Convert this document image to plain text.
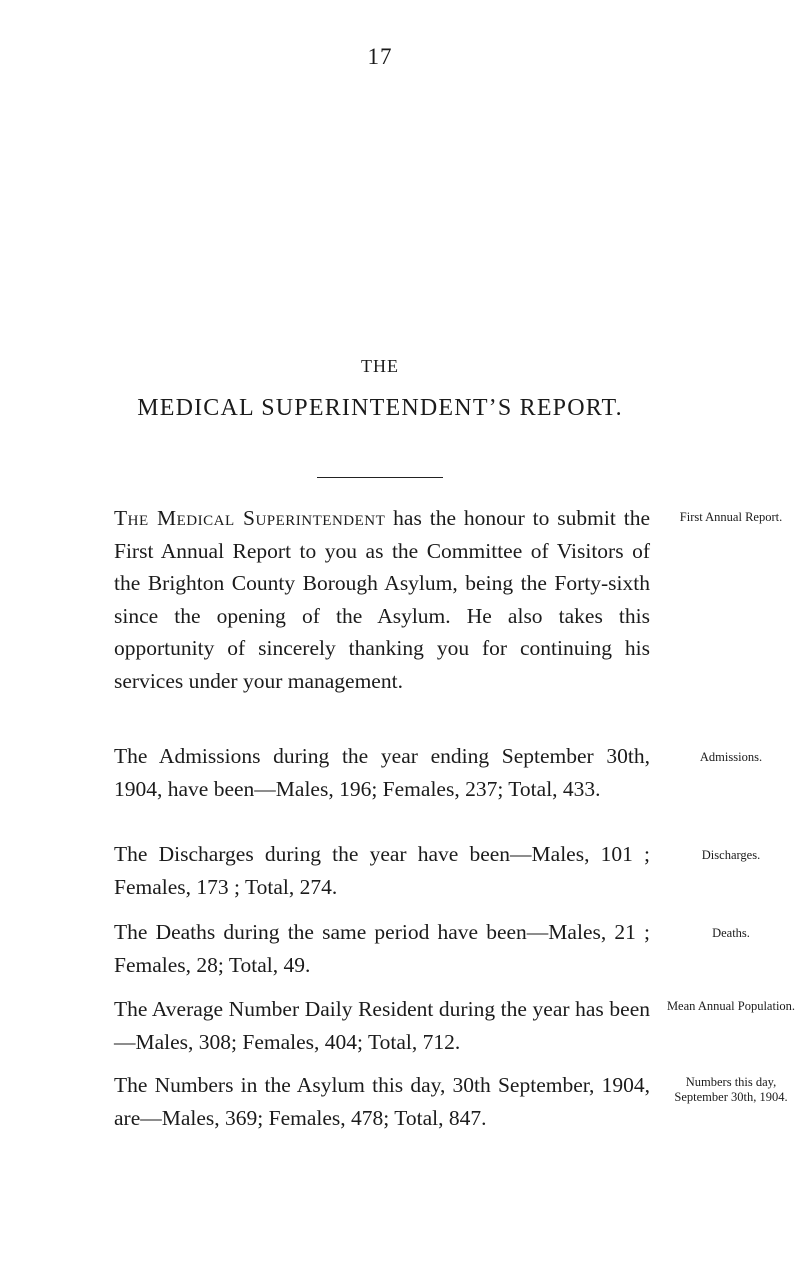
17
THE
MEDICAL SUPERINTENDENT’S REPORT.
The Medical Superintendent has the honour to submit the First Annual Report to you as the Committee of Visitors of the Brighton County Borough Asylum, being the Forty-sixth since the opening of the Asylum. He also takes this opportunity of sincerely thanking you for continuing his services under your management.
First Annual Report.
The Admissions during the year ending September 30th, 1904, have been—Males, 196; Females, 237; Total, 433.
Admissions.
The Discharges during the year have been—Males, 101 ; Females, 173 ; Total, 274.
Discharges.
The Deaths during the same period have been—Males, 21 ; Females, 28; Total, 49.
Deaths.
The Average Number Daily Resident during the year has been—Males, 308; Females, 404; Total, 712.
Mean Annual Population.
The Numbers in the Asylum this day, 30th September, 1904, are—Males, 369; Females, 478; Total, 847.
Numbers this day, September 30th, 1904.
